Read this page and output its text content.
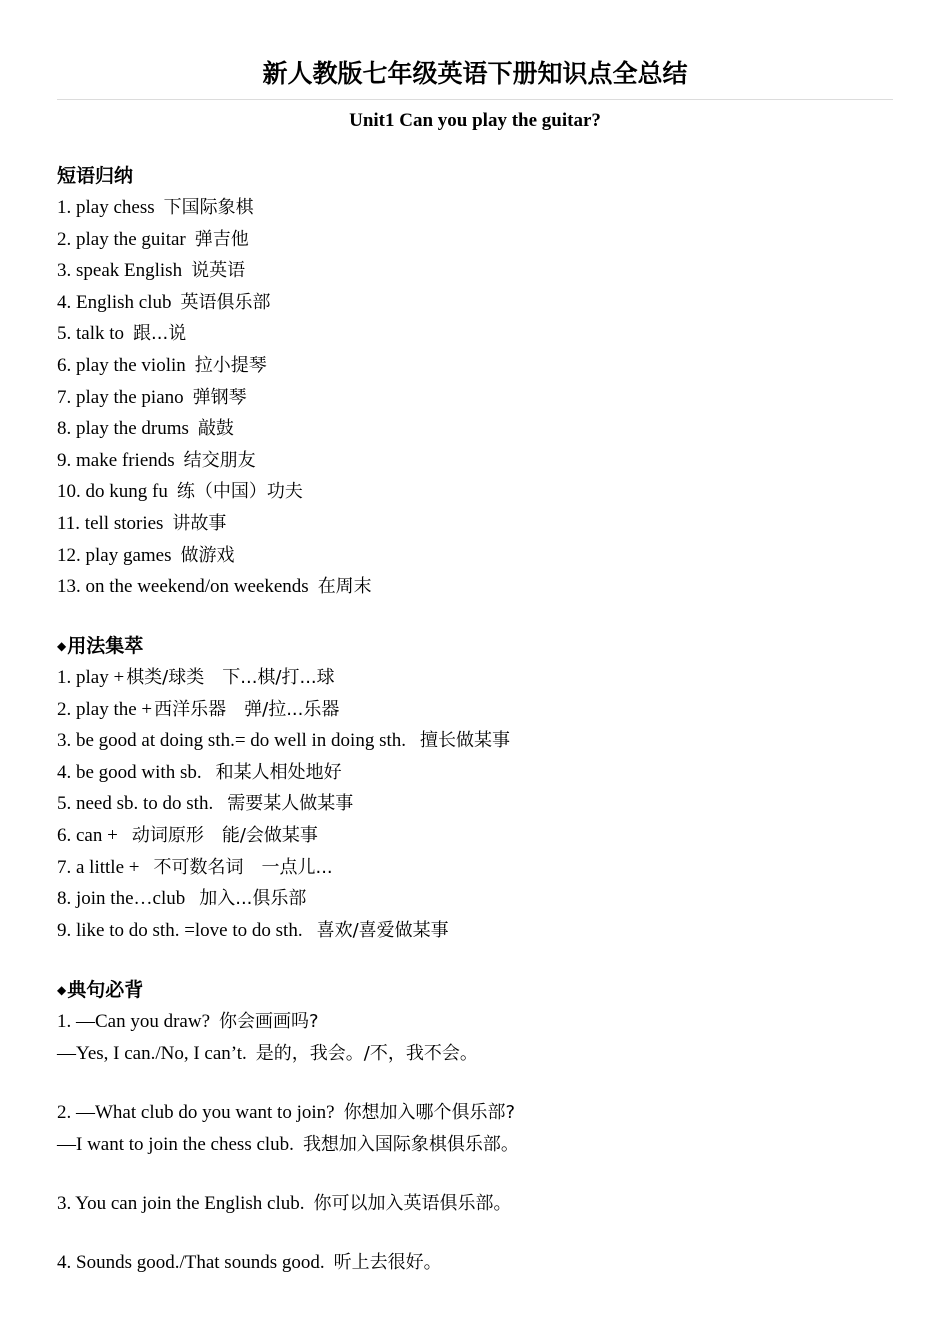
新人教版七年级英语下册知识点全总结
Unit1 Can you play the guitar?
短语归纳
1. play chess 下国际象棋
2. play the guitar 弹吉他
3. speak English 说英语
4. English club 英语俱乐部
5. talk to 跟...说
6. play the violin 拉小提琴
7. play the piano 弹钢琴
8. play the drums 敲鼓
9. make friends 结交朋友
10. do kung fu 练（中国）功夫
11. tell stories 讲故事
12. play games 做游戏
13. on the weekend/on weekends 在周末
◆用法集萃
1. play + 棋类/球类　下...棋/打...球
2. play the + 西洋乐器　弹/拉...乐器
3. be good at doing sth.= do well in doing sth. 擅长做某事
4. be good with sb. 和某人相处地好
5. need sb. to do sth. 需要某人做某事
6. can + 动词原形　能/会做某事
7. a little + 不可数名词　一点儿...
8. join the…club 加入...俱乐部
9. like to do sth. =love to do sth. 喜欢/喜爱做某事
◆典句必背
1. —Can you draw? 你会画画吗?
—Yes, I can./No, I can’t. 是的，我会。/不，我不会。
2. —What club do you want to join? 你想加入哪个俱乐部?
—I want to join the chess club. 我想加入国际象棋俱乐部。
3. You can join the English club. 你可以加入英语俱乐部。
4. Sounds good./That sounds good. 听上去很好。
